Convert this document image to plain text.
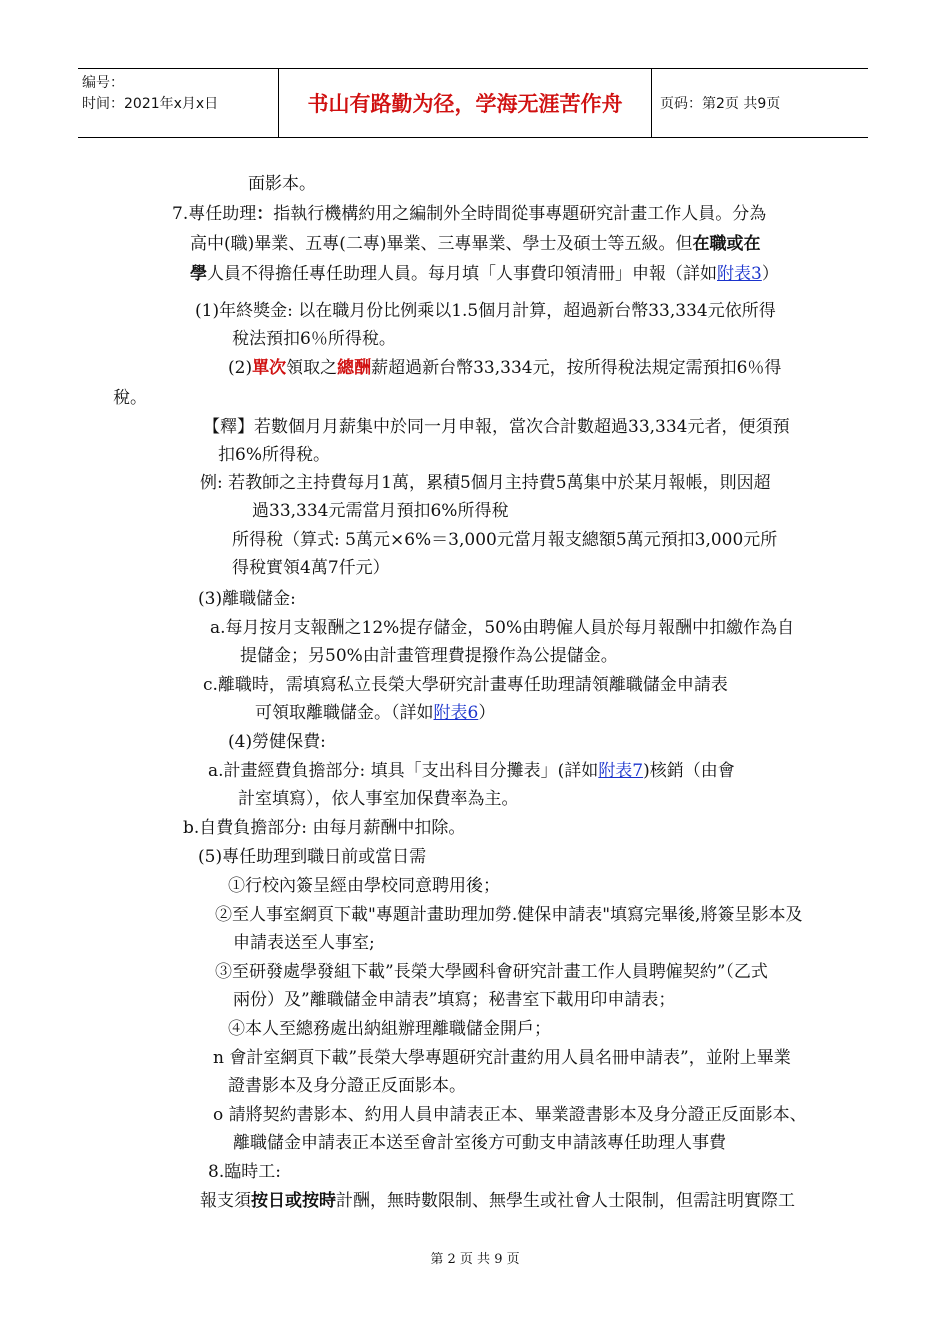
编号：
时间：2021年x月x日	书山有路勤为径，学海无涯苦作舟	页码：第2页 共9页
面影本。
7.專任助理：指執行機構約用之編制外全時間從事專題研究計畫工作人員。分為
高中(職)畢業、五專(二專)畢業、三專畢業、學士及碩士等五級。但在職或在
學人員不得擔任專任助理人員。每月填「人事費印領清冊」申報（詳如附表3）
(1)年終獎金: 以在職月份比例乘以1.5個月計算，超過新台幣33,334元依所得
稅法預扣6％所得稅。
(2)單次領取之總酬薪超過新台幣33,334元，按所得稅法規定需預扣6％得
稅。
【釋】若數個月月薪集中於同一月申報，當次合計數超過33,334元者，便須預
扣6%所得稅。
例: 若教師之主持費每月1萬，累積5個月主持費5萬集中於某月報帳，則因超
過33,334元需當月預扣6%所得稅
所得稅（算式: 5萬元×6%＝3,000元當月報支總額5萬元預扣3,000元所
得稅實領4萬7仟元）
(3)離職儲金:
a.每月按月支報酬之12%提存儲金，50%由聘僱人員於每月報酬中扣繳作為自
提儲金；另50%由計畫管理費提撥作為公提儲金。
c.離職時，需填寫私立長榮大學研究計畫專任助理請領離職儲金申請表
可領取離職儲金。（詳如附表6）
(4)勞健保費:
a.計畫經費負擔部分: 填具「支出科目分攤表」(詳如附表7)核銷（由會
計室填寫），依人事室加保費率為主。
b.自費負擔部分: 由每月薪酬中扣除。
(5)專任助理到職日前或當日需
①行校內簽呈經由學校同意聘用後；
②至人事室網頁下載"專題計畫助理加勞.健保申請表"填寫完畢後,將簽呈影本及
申請表送至人事室;
③至研發處學發組下載”長榮大學國科會研究計畫工作人員聘僱契約”（乙式
兩份）及”離職儲金申請表”填寫；秘書室下載用印申請表；
④本人至總務處出納組辦理離職儲金開戶；
n 會計室網頁下載”長榮大學專題研究計畫約用人員名冊申請表”，並附上畢業
證書影本及身分證正反面影本。
o 請將契約書影本、約用人員申請表正本、畢業證書影本及身分證正反面影本、
離職儲金申請表正本送至會計室後方可動支申請該專任助理人事費
8.臨時工:
報支須按日或按時計酬，無時數限制、無學生或社會人士限制，但需註明實際工
第 2 页 共 9 页
